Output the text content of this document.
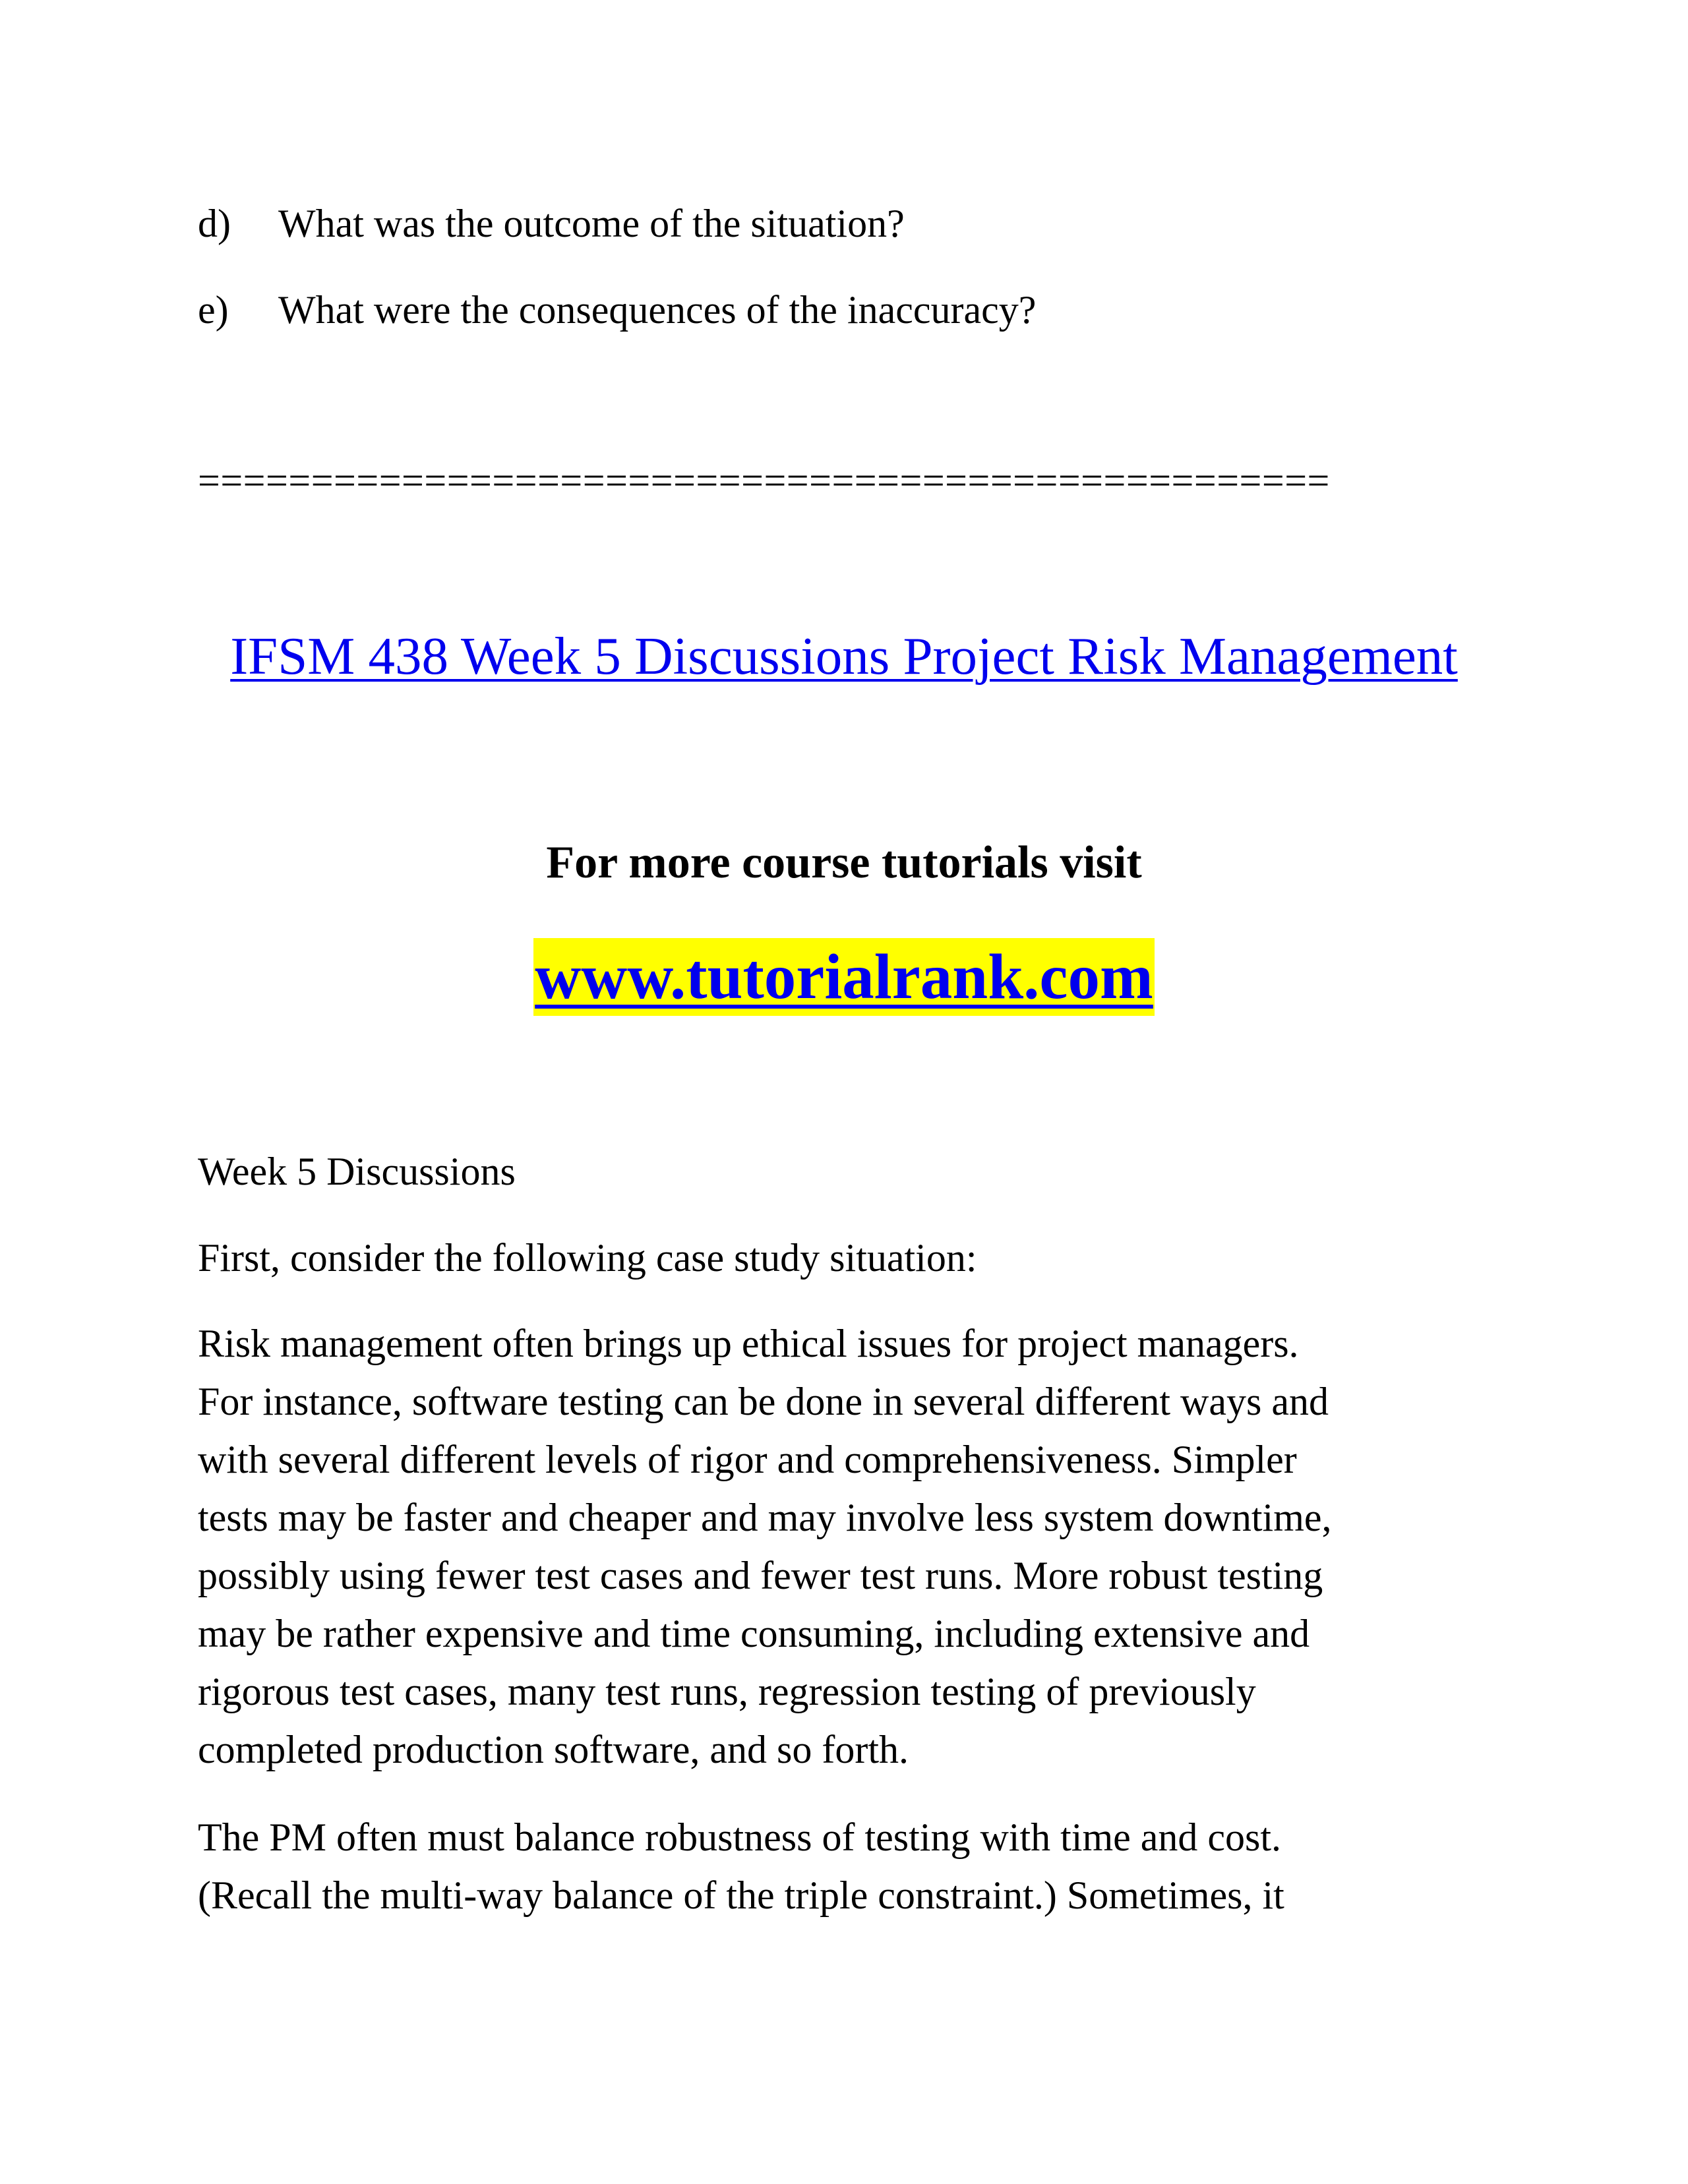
d) What was the outcome of the situation?
e) What were the consequences of the inaccuracy?
==================================================
IFSM 438 Week 5 Discussions Project Risk Management
For more course tutorials visit
www.tutorialrank.com
Week 5 Discussions
First, consider the following case study situation:
Risk management often brings up ethical issues for project managers.
For instance, software testing can be done in several different ways and
with several different levels of rigor and comprehensiveness. Simpler
tests may be faster and cheaper and may involve less system downtime,
possibly using fewer test cases and fewer test runs. More robust testing
may be rather expensive and time consuming, including extensive and
rigorous test cases, many test runs, regression testing of previously
completed production software, and so forth.
The PM often must balance robustness of testing with time and cost.
(Recall the multi-way balance of the triple constraint.) Sometimes, it
